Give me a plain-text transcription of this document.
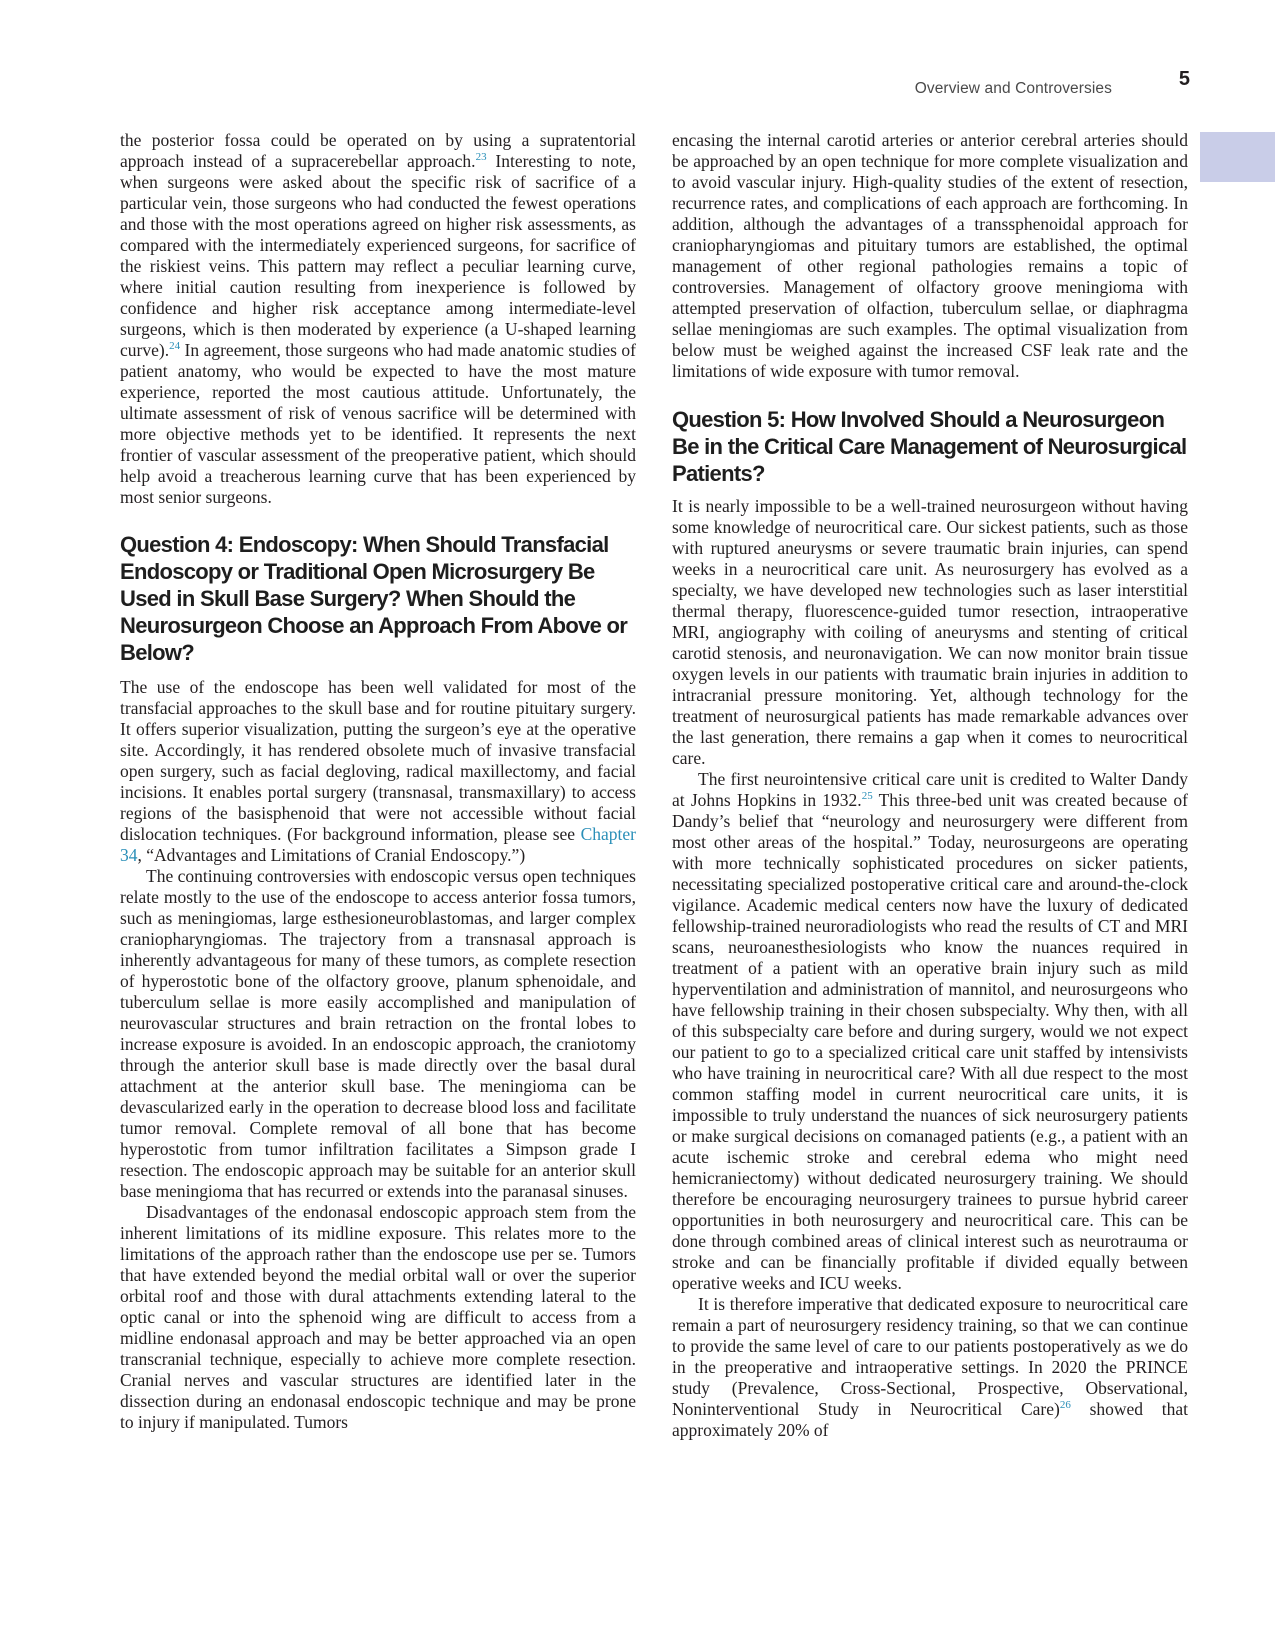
Overview and Controversies	5

the posterior fossa could be operated on by using a supratentorial approach instead of a supracerebellar approach.$^{23}$ Interesting to note, when surgeons were asked about the specific risk of sacrifice of a particular vein, those surgeons who had conducted the fewest operations and those with the most operations agreed on higher risk assessments, as compared with the intermediately experienced surgeons, for sacrifice of the riskiest veins. This pattern may reflect a peculiar learning curve, where initial caution resulting from inexperience is followed by confidence and higher risk acceptance among intermediate-level surgeons, which is then moderated by experience (a U-shaped learning curve).$^{24}$ In agreement, those surgeons who had made anatomic studies of patient anatomy, who would be expected to have the most mature experience, reported the most cautious attitude. Unfortunately, the ultimate assessment of risk of venous sacrifice will be determined with more objective methods yet to be identified. It represents the next frontier of vascular assessment of the preoperative patient, which should help avoid a treacherous learning curve that has been experienced by most senior surgeons.

Question 4: Endoscopy: When Should Transfacial Endoscopy or Traditional Open Microsurgery Be Used in Skull Base Surgery? When Should the Neurosurgeon Choose an Approach From Above or Below?

The use of the endoscope has been well validated for most of the transfacial approaches to the skull base and for routine pituitary surgery. It offers superior visualization, putting the surgeon’s eye at the operative site. Accordingly, it has rendered obsolete much of invasive transfacial open surgery, such as facial degloving, radical maxillectomy, and facial incisions. It enables portal surgery (transnasal, transmaxillary) to access regions of the basisphenoid that were not accessible without facial dislocation techniques. (For background information, please see Chapter 34, “Advantages and Limitations of Cranial Endoscopy.”)

The continuing controversies with endoscopic versus open techniques relate mostly to the use of the endoscope to access anterior fossa tumors, such as meningiomas, large esthesioneuroblastomas, and larger complex craniopharyngiomas. The trajectory from a transnasal approach is inherently advantageous for many of these tumors, as complete resection of hyperostotic bone of the olfactory groove, planum sphenoidale, and tuberculum sellae is more easily accomplished and manipulation of neurovascular structures and brain retraction on the frontal lobes to increase exposure is avoided. In an endoscopic approach, the craniotomy through the anterior skull base is made directly over the basal dural attachment at the anterior skull base. The meningioma can be devascularized early in the operation to decrease blood loss and facilitate tumor removal. Complete removal of all bone that has become hyperostotic from tumor infiltration facilitates a Simpson grade I resection. The endoscopic approach may be suitable for an anterior skull base meningioma that has recurred or extends into the paranasal sinuses.

Disadvantages of the endonasal endoscopic approach stem from the inherent limitations of its midline exposure. This relates more to the limitations of the approach rather than the endoscope use per se. Tumors that have extended beyond the medial orbital wall or over the superior orbital roof and those with dural attachments extending lateral to the optic canal or into the sphenoid wing are difficult to access from a midline endonasal approach and may be better approached via an open transcranial technique, especially to achieve more complete resection. Cranial nerves and vascular structures are identified later in the dissection during an endonasal endoscopic technique and may be prone to injury if manipulated. Tumors

encasing the internal carotid arteries or anterior cerebral arteries should be approached by an open technique for more complete visualization and to avoid vascular injury. High-quality studies of the extent of resection, recurrence rates, and complications of each approach are forthcoming. In addition, although the advantages of a transsphenoidal approach for craniopharyngiomas and pituitary tumors are established, the optimal management of other regional pathologies remains a topic of controversies. Management of olfactory groove meningioma with attempted preservation of olfaction, tuberculum sellae, or diaphragma sellae meningiomas are such examples. The optimal visualization from below must be weighed against the increased CSF leak rate and the limitations of wide exposure with tumor removal.

Question 5: How Involved Should a Neurosurgeon Be in the Critical Care Management of Neurosurgical Patients?

It is nearly impossible to be a well-trained neurosurgeon without having some knowledge of neurocritical care. Our sickest patients, such as those with ruptured aneurysms or severe traumatic brain injuries, can spend weeks in a neurocritical care unit. As neurosurgery has evolved as a specialty, we have developed new technologies such as laser interstitial thermal therapy, fluorescence-guided tumor resection, intraoperative MRI, angiography with coiling of aneurysms and stenting of critical carotid stenosis, and neuronavigation. We can now monitor brain tissue oxygen levels in our patients with traumatic brain injuries in addition to intracranial pressure monitoring. Yet, although technology for the treatment of neurosurgical patients has made remarkable advances over the last generation, there remains a gap when it comes to neurocritical care.

The first neurointensive critical care unit is credited to Walter Dandy at Johns Hopkins in 1932.25 This three-bed unit was created because of Dandy’s belief that “neurology and neurosurgery were different from most other areas of the hospital.” Today, neurosurgeons are operating with more technically sophisticated procedures on sicker patients, necessitating specialized postoperative critical care and around-the-clock vigilance. Academic medical centers now have the luxury of dedicated fellowship-trained neuroradiologists who read the results of CT and MRI scans, neuroanesthesiologists who know the nuances required in treatment of a patient with an operative brain injury such as mild hyperventilation and administration of mannitol, and neurosurgeons who have fellowship training in their chosen subspecialty. Why then, with all of this subspecialty care before and during surgery, would we not expect our patient to go to a specialized critical care unit staffed by intensivists who have training in neurocritical care? With all due respect to the most common staffing model in current neurocritical care units, it is impossible to truly understand the nuances of sick neurosurgery patients or make surgical decisions on comanaged patients (e.g., a patient with an acute ischemic stroke and cerebral edema who might need hemicraniectomy) without dedicated neurosurgery training. We should therefore be encouraging neurosurgery trainees to pursue hybrid career opportunities in both neurosurgery and neurocritical care. This can be done through combined areas of clinical interest such as neurotrauma or stroke and can be financially profitable if divided equally between operative weeks and ICU weeks.

It is therefore imperative that dedicated exposure to neurocritical care remain a part of neurosurgery residency training, so that we can continue to provide the same level of care to our patients postoperatively as we do in the preoperative and intraoperative settings. In 2020 the PRINCE study (Prevalence, Cross-Sectional, Prospective, Observational, Noninterventional Study in Neurocritical Care)$^{26}$ showed that approximately 20% of
